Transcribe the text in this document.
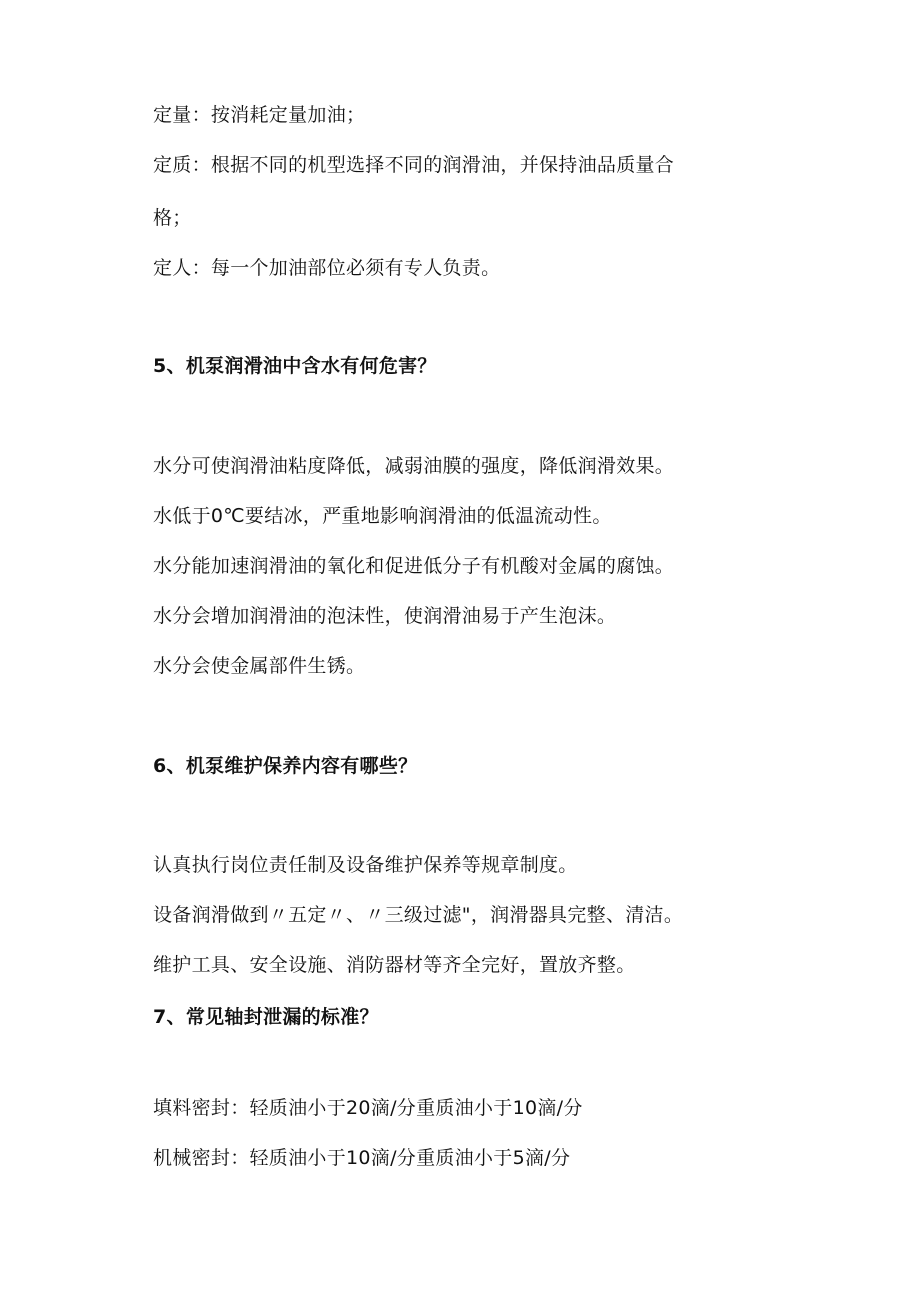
定量：按消耗定量加油；
定质：根据不同的机型选择不同的润滑油，并保持油品质量合
格；
定人：每一个加油部位必须有专人负责。
5、机泵润滑油中含水有何危害？
水分可使润滑油粘度降低，减弱油膜的强度，降低润滑效果。
水低于0℃要结冰，严重地影响润滑油的低温流动性。
水分能加速润滑油的氧化和促进低分子有机酸对金属的腐蚀。
水分会增加润滑油的泡沫性，使润滑油易于产生泡沫。
水分会使金属部件生锈。
6、机泵维护保养内容有哪些？
认真执行岗位责任制及设备维护保养等规章制度。
设备润滑做到〃五定〃、〃三级过滤"，润滑器具完整、清洁。
维护工具、安全设施、消防器材等齐全完好，置放齐整。
7、常见轴封泄漏的标准？
填料密封：轻质油小于20滴/分重质油小于10滴/分
机械密封：轻质油小于10滴/分重质油小于5滴/分
